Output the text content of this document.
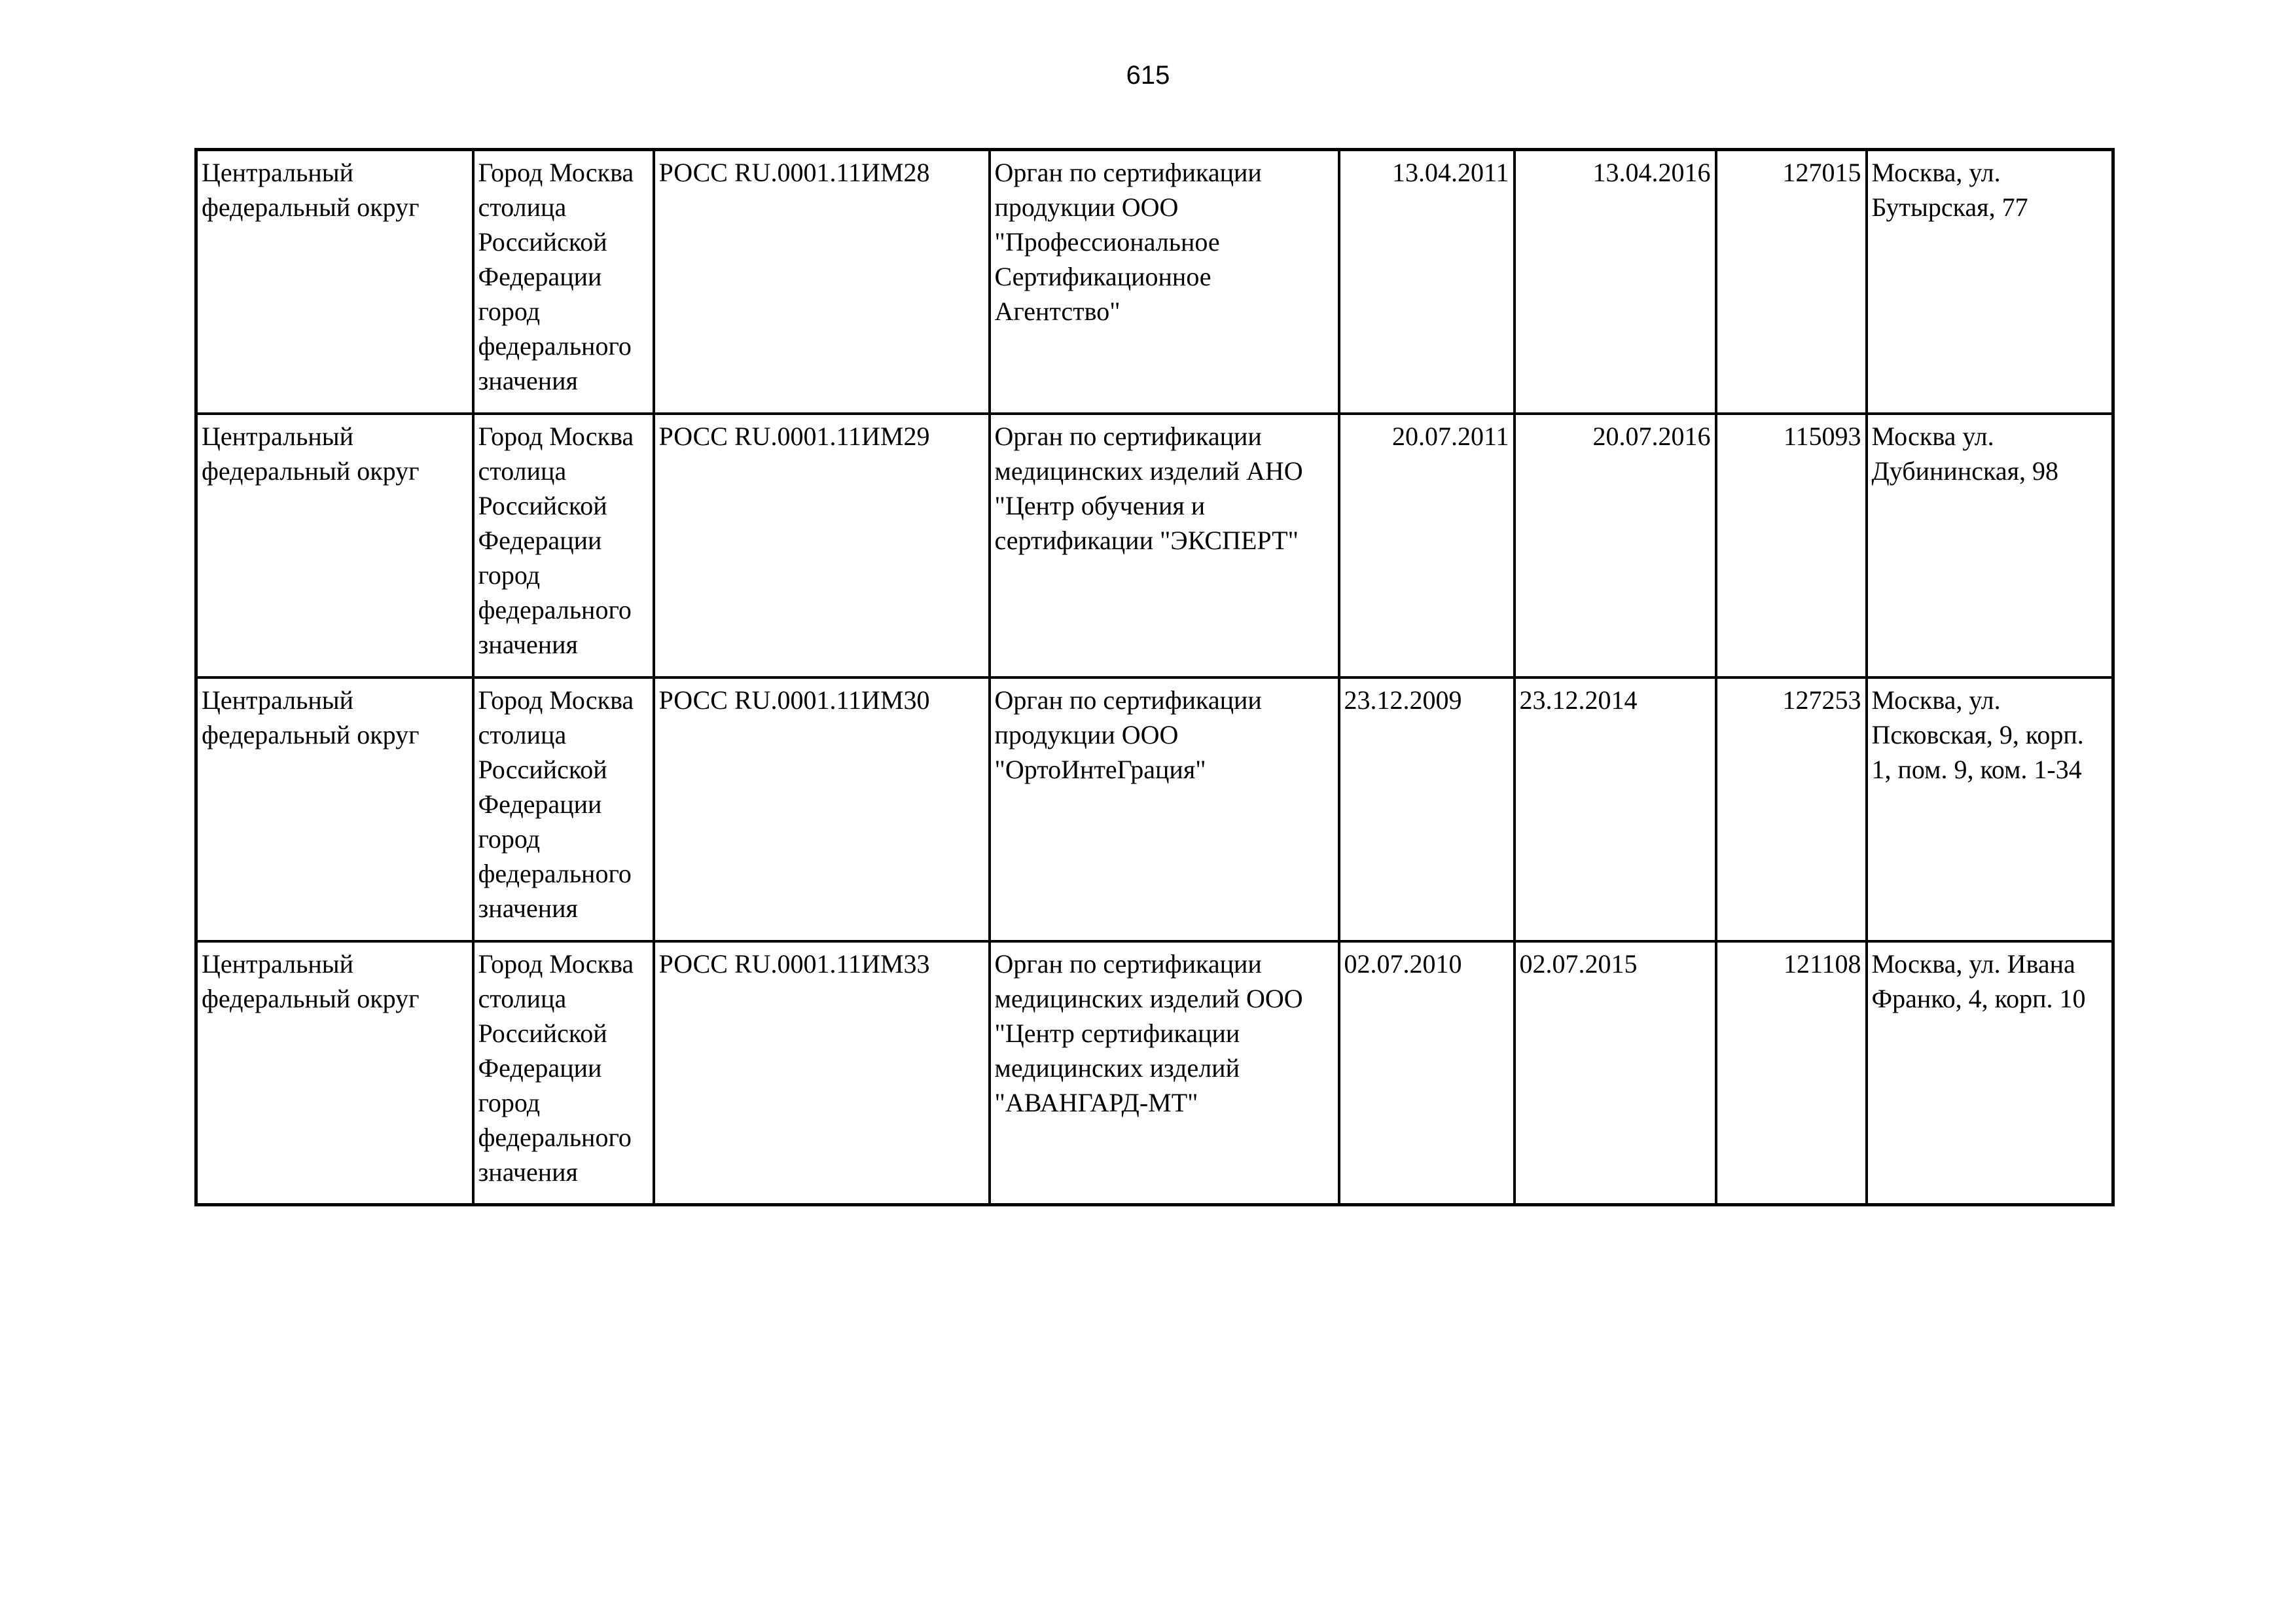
615
Центральный федеральный округ	Город Москва столица Российской Федерации город федерального значения	РОСС RU.0001.11ИМ28	Орган по сертификации продукции ООО "Профессиональное Сертификационное Агентство"	13.04.2011	13.04.2016	127015	Москва, ул. Бутырская, 77
Центральный федеральный округ	Город Москва столица Российской Федерации город федерального значения	РОСС RU.0001.11ИМ29	Орган по сертификации медицинских изделий АНО "Центр обучения и сертификации "ЭКСПЕРТ"	20.07.2011	20.07.2016	115093	Москва ул. Дубининская, 98
Центральный федеральный округ	Город Москва столица Российской Федерации город федерального значения	РОСС RU.0001.11ИМ30	Орган по сертификации продукции ООО "ОртоИнтеГрация"	23.12.2009	23.12.2014	127253	Москва, ул. Псковская, 9, корп. 1, пом. 9, ком. 1-34
Центральный федеральный округ	Город Москва столица Российской Федерации город федерального значения	РОСС RU.0001.11ИМ33	Орган по сертификации медицинских изделий ООО "Центр сертификации медицинских изделий "АВАНГАРД-МТ"	02.07.2010	02.07.2015	121108	Москва, ул. Ивана Франко, 4, корп. 10
